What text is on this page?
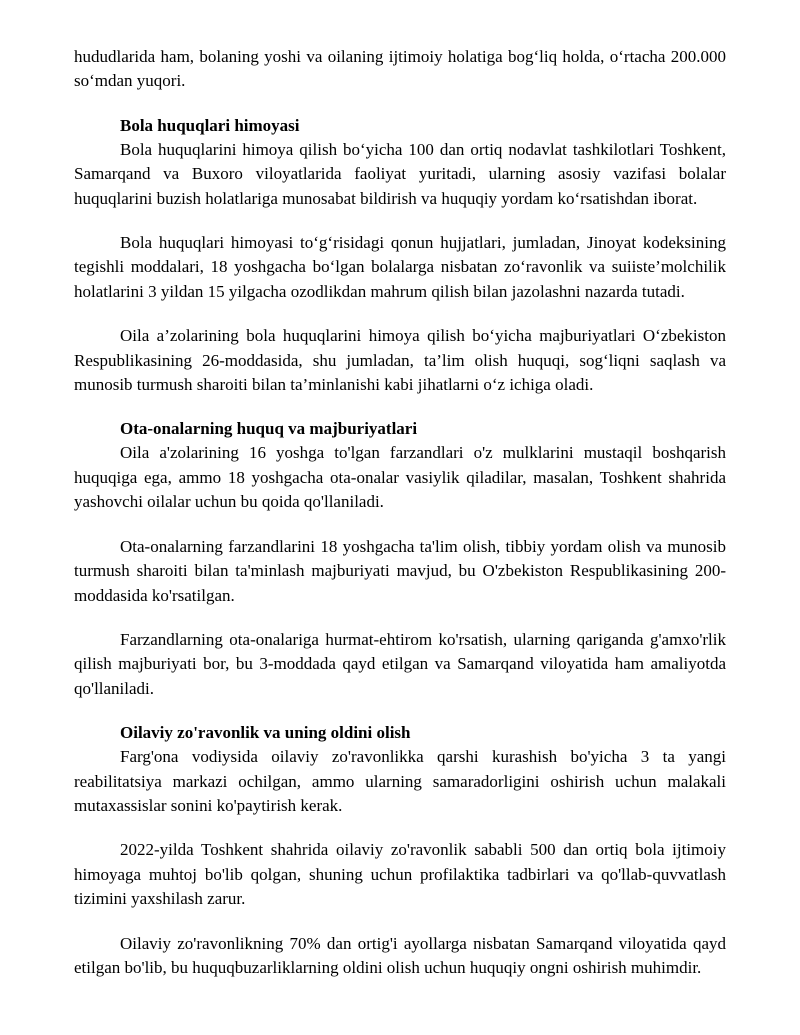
hududlarida ham, bolaning yoshi va oilaning ijtimoiy holatiga bog‘liq holda, o‘rtacha 200.000 so‘mdan yuqori.

Bola huquqlari himoyasi

Bola huquqlarini himoya qilish bo‘yicha 100 dan ortiq nodavlat tashkilotlari Toshkent, Samarqand va Buxoro viloyatlarida faoliyat yuritadi, ularning asosiy vazifasi bolalar huquqlarini buzish holatlariga munosabat bildirish va huquqiy yordam ko‘rsatishdan iborat.

Bola huquqlari himoyasi to‘g‘risidagi qonun hujjatlari, jumladan, Jinoyat kodeksining tegishli moddalari, 18 yoshgacha bo‘lgan bolalarga nisbatan zo‘ravonlik va suiiste’molchilik holatlarini 3 yildan 15 yilgacha ozodlikdan mahrum qilish bilan jazolashni nazarda tutadi.

Oila a’zolarining bola huquqlarini himoya qilish bo‘yicha majburiyatlari O‘zbekiston Respublikasining 26-moddasida, shu jumladan, ta’lim olish huquqi, sog‘liqni saqlash va munosib turmush sharoiti bilan ta’minlanishi kabi jihatlarni o‘z ichiga oladi.

Ota-onalarning huquq va majburiyatlari

Oila a'zolarining 16 yoshga to'lgan farzandlari o'z mulklarini mustaqil boshqarish huquqiga ega, ammo 18 yoshgacha ota-onalar vasiylik qiladilar, masalan, Toshkent shahrida yashovchi oilalar uchun bu qoida qo'llaniladi.

Ota-onalarning farzandlarini 18 yoshgacha ta'lim olish, tibbiy yordam olish va munosib turmush sharoiti bilan ta'minlash majburiyati mavjud, bu O'zbekiston Respublikasining 200-moddasida ko'rsatilgan.

Farzandlarning ota-onalariga hurmat-ehtirom ko'rsatish, ularning qariganda g'amxo'rlik qilish majburiyati bor, bu 3-moddada qayd etilgan va Samarqand viloyatida ham amaliyotda qo'llaniladi.

Oilaviy zo'ravonlik va uning oldini olish

Farg'ona vodiysida oilaviy zo'ravonlikka qarshi kurashish bo'yicha 3 ta yangi reabilitatsiya markazi ochilgan, ammo ularning samaradorligini oshirish uchun malakali mutaxassislar sonini ko'paytirish kerak.

2022-yilda Toshkent shahrida oilaviy zo'ravonlik sababli 500 dan ortiq bola ijtimoiy himoyaga muhtoj bo'lib qolgan, shuning uchun profilaktika tadbirlari va qo'llab-quvvatlash tizimini yaxshilash zarur.

Oilaviy zo'ravonlikning 70% dan ortig'i ayollarga nisbatan Samarqand viloyatida qayd etilgan bo'lib, bu huquqbuzarliklarning oldini olish uchun huquqiy ongni oshirish muhimdir.
